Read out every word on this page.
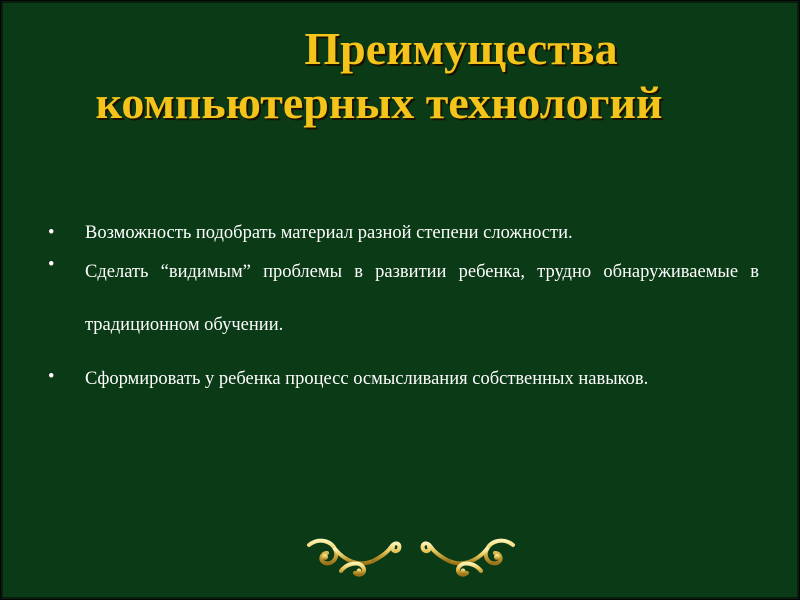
Преимущества
компьютерных технологий
•	Возможность подобрать материал разной степени сложности.
•	Сделать “видимым” проблемы в развитии ребенка, трудно обнаруживаемые в традиционном обучении.
•	Сформировать у ребенка процесс осмысливания собственных навыков.
